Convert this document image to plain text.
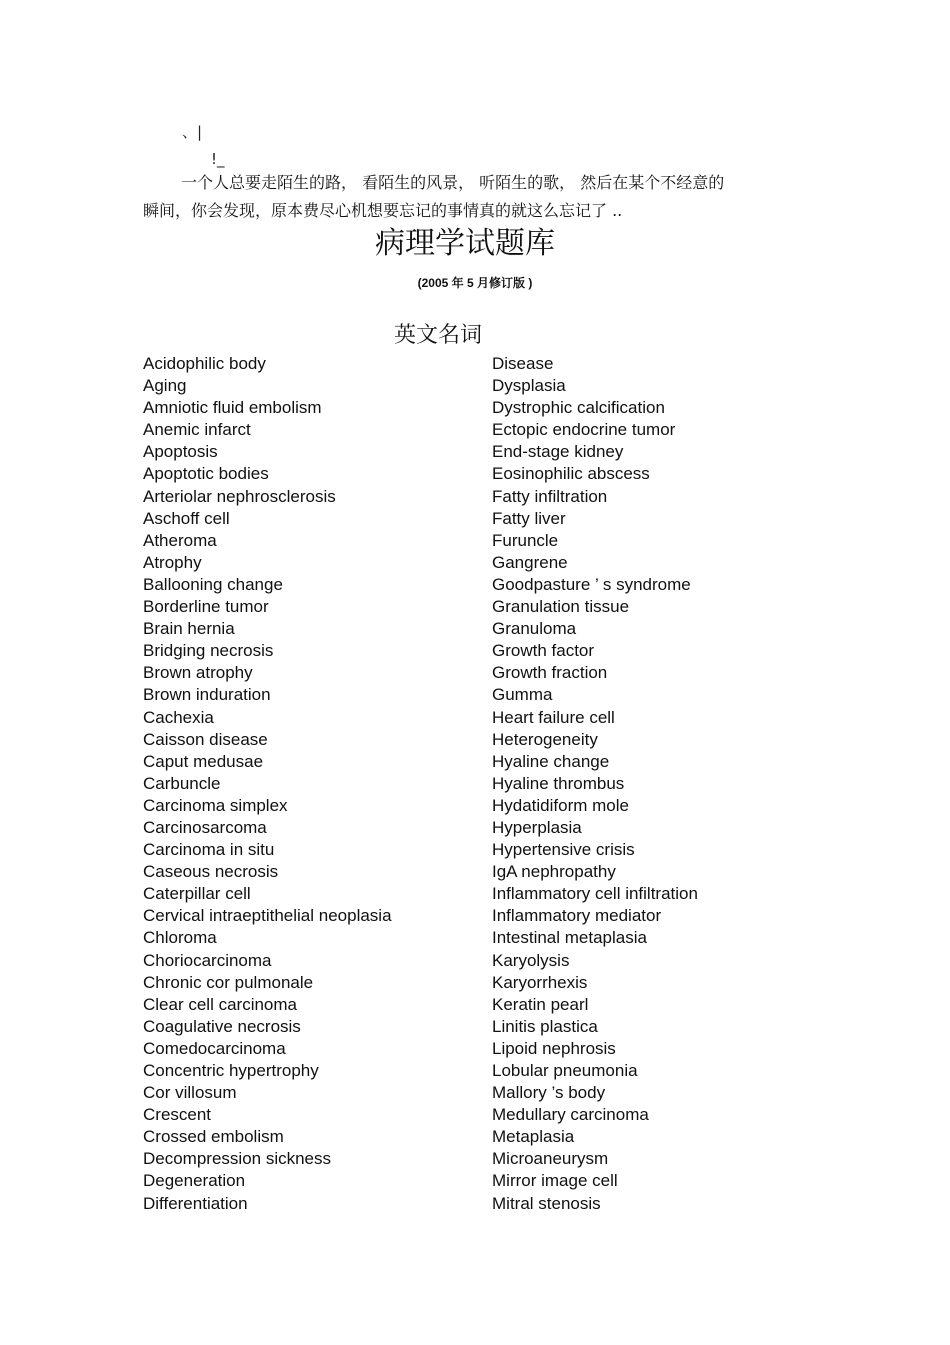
、|
!_
一个人总要走陌生的路， 看陌生的风景， 听陌生的歌， 然后在某个不经意的
瞬间，你会发现，原本费尽心机想要忘记的事情真的就这么忘记了 ..
病理学试题库
(2005 年 5 月修订版 )
英文名词
Acidophilic body
Aging
Amniotic fluid embolism
Anemic infarct
Apoptosis
Apoptotic bodies
Arteriolar nephrosclerosis
Aschoff cell
Atheroma
Atrophy
Ballooning change
Borderline tumor
Brain hernia
Bridging necrosis
Brown atrophy
Brown induration
Cachexia
Caisson disease
Caput medusae
Carbuncle
Carcinoma simplex
Carcinosarcoma
Carcinoma in situ
Caseous necrosis
Caterpillar cell
Cervical intraeptithelial neoplasia
Chloroma
Choriocarcinoma
Chronic cor pulmonale
Clear cell carcinoma
Coagulative necrosis
Comedocarcinoma
Concentric hypertrophy
Cor villosum
Crescent
Crossed embolism
Decompression sickness
Degeneration
Differentiation
Disease
Dysplasia
Dystrophic calcification
Ectopic endocrine tumor
End-stage kidney
Eosinophilic abscess
Fatty infiltration
Fatty liver
Furuncle
Gangrene
Goodpasture ’ s syndrome
Granulation tissue
Granuloma
Growth factor
Growth fraction
Gumma
Heart failure cell
Heterogeneity
Hyaline change
Hyaline thrombus
Hydatidiform mole
Hyperplasia
Hypertensive crisis
IgA nephropathy
Inflammatory cell infiltration
Inflammatory mediator
Intestinal metaplasia
Karyolysis
Karyorrhexis
Keratin pearl
Linitis plastica
Lipoid nephrosis
Lobular pneumonia
Mallory ’s body
Medullary carcinoma
Metaplasia
Microaneurysm
Mirror image cell
Mitral stenosis
